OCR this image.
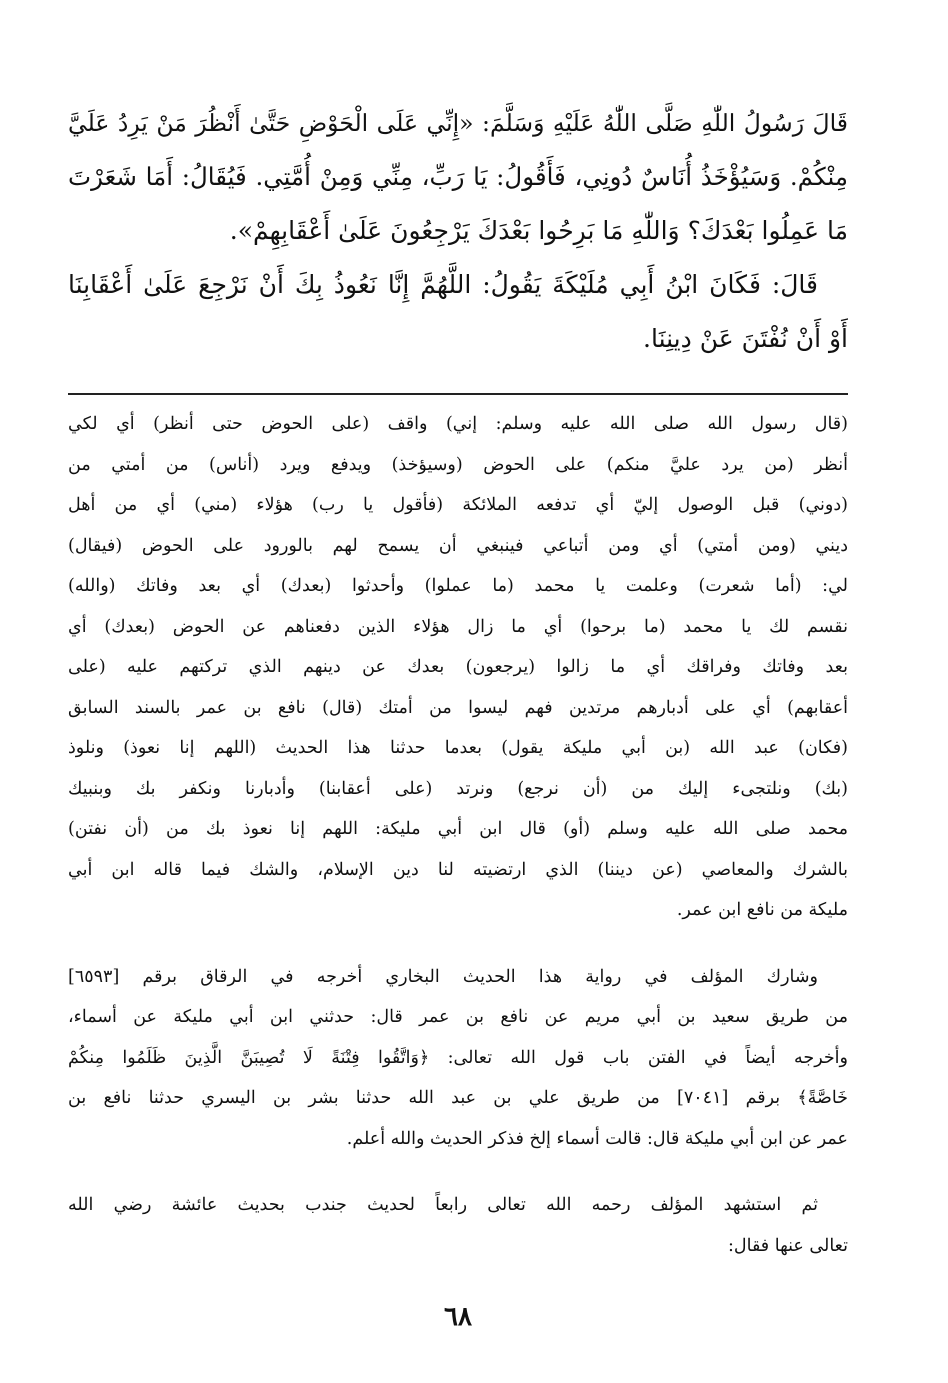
قَالَ رَسُولُ اللّٰهِ صَلَّى اللّٰهُ عَلَيْهِ وَسَلَّمَ: «إِنِّي عَلَى الْحَوْضِ حَتَّىٰ أَنْظُرَ مَنْ يَرِدُ عَلَيَّ
مِنْكُمْ. وَسَيُؤْخَذُ أُنَاسٌ دُونِي، فَأَقُولُ: يَا رَبِّ، مِنِّي وَمِنْ أُمَّتِي. فَيُقَالُ: أَمَا شَعَرْتَ
مَا عَمِلُوا بَعْدَكَ؟ وَاللّٰهِ مَا بَرِحُوا بَعْدَكَ يَرْجِعُونَ عَلَىٰ أَعْقَابِهِمْ».
قَالَ: فَكَانَ ابْنُ أَبِي مُلَيْكَةَ يَقُولُ: اللَّهُمَّ إِنَّا نَعُوذُ بِكَ أَنْ نَرْجِعَ عَلَىٰ أَعْقَابِنَا
أَوْ أَنْ نُفْتَنَ عَنْ دِينِنَا.
(قال رسول الله صلى الله عليه وسلم: إني) واقف (على الحوض حتى أنظر) أي لكي
أنظر (من يرد عليَّ منكم) على الحوض (وسيؤخذ) ويدفع ويرد (أناس) من أمتي من
(دوني) قبل الوصول إليّ أي تدفعه الملائكة (فأقول يا رب) هؤلاء (مني) أي من أهل
ديني (ومن أمتي) أي ومن أتباعي فينبغي أن يسمح لهم بالورود على الحوض (فيقال)
لي: (أما شعرت) وعلمت يا محمد (ما عملوا) وأحدثوا (بعدك) أي بعد وفاتك (والله)
نقسم لك يا محمد (ما برحوا) أي ما زال هؤلاء الذين دفعناهم عن الحوض (بعدك) أي
بعد وفاتك وفراقك أي ما زالوا (يرجعون) بعدك عن دينهم الذي تركتهم عليه (على
أعقابهم) أي على أدبارهم مرتدين فهم ليسوا من أمتك (قال) نافع بن عمر بالسند السابق
(فكان) عبد الله (بن أبي مليكة يقول) بعدما حدثنا هذا الحديث (اللهم إنا نعوذ) ونلوذ
(بك) ونلتجىء إليك من (أن نرجع) ونرتد (على أعقابنا) وأدبارنا ونكفر بك وبنبيك
محمد صلى الله عليه وسلم (أو) قال ابن أبي مليكة: اللهم إنا نعوذ بك من (أن نفتن)
بالشرك والمعاصي (عن ديننا) الذي ارتضيته لنا دين الإسلام، والشك فيما قاله ابن أبي
مليكة من نافع ابن عمر.
وشارك المؤلف في رواية هذا الحديث البخاري أخرجه في الرقاق برقم [٦٥٩٣]
من طريق سعيد بن أبي مريم عن نافع بن عمر قال: حدثني ابن أبي مليكة عن أسماء،
وأخرجه أيضاً في الفتن باب قول الله تعالى: ﴿وَاتَّقُوا فِتْنَةً لَا تُصِيبَنَّ الَّذِينَ ظَلَمُوا مِنكُمْ
خَاصَّةً﴾ برقم [٧٠٤١] من طريق علي بن عبد الله حدثنا بشر بن اليسري حدثنا نافع بن
عمر عن ابن أبي مليكة قال: قالت أسماء إلخ فذكر الحديث والله أعلم.
ثم استشهد المؤلف رحمه الله تعالى رابعاً لحديث جندب بحديث عائشة رضي الله
تعالى عنها فقال:
٦٨
